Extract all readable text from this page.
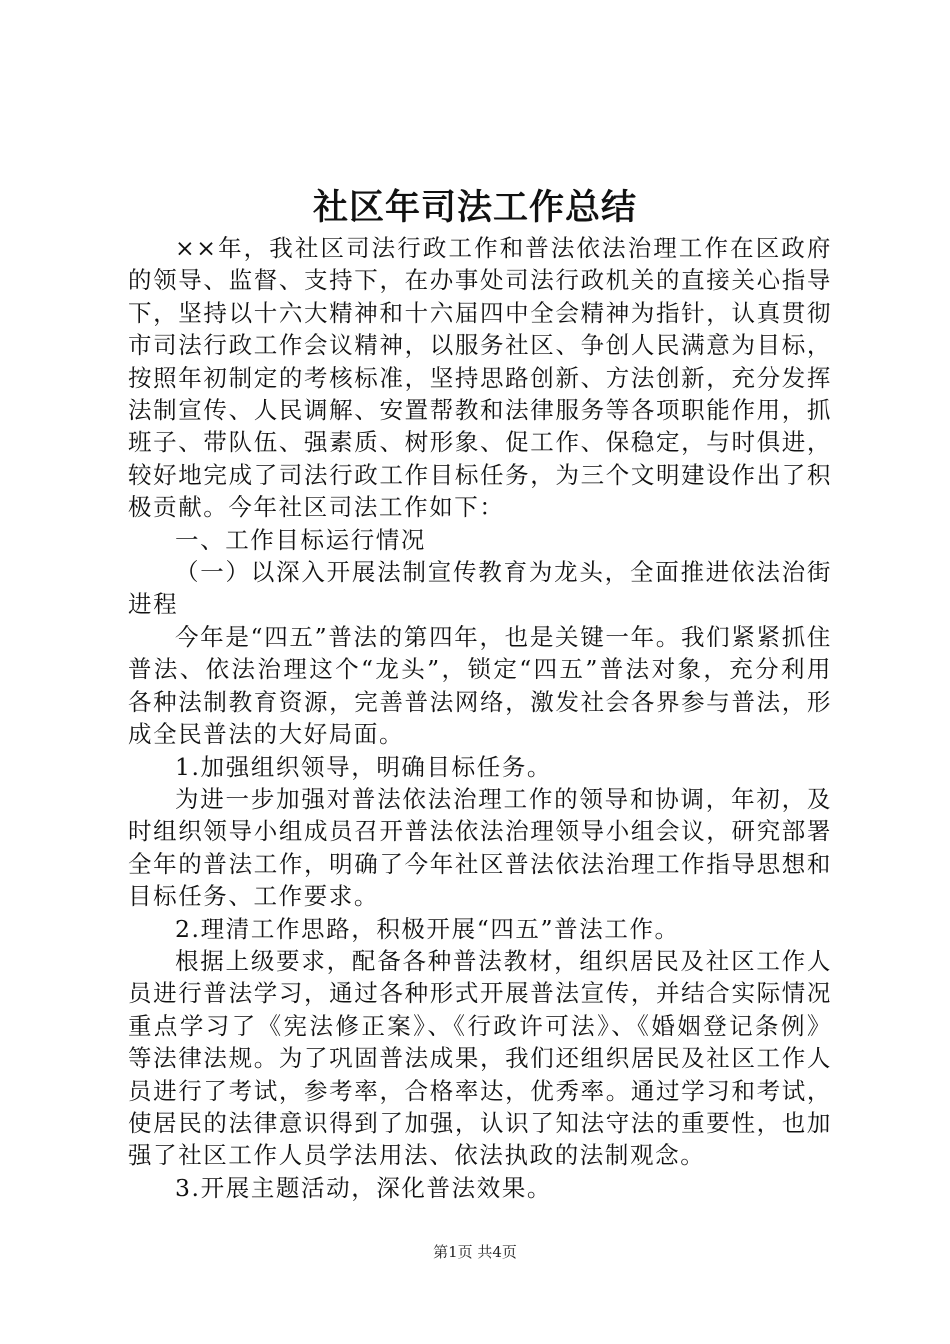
社区年司法工作总结

××年，我社区司法行政工作和普法依法治理工作在区政府的领导、监督、支持下，在办事处司法行政机关的直接关心指导下，坚持以十六大精神和十六届四中全会精神为指针，认真贯彻市司法行政工作会议精神，以服务社区、争创人民满意为目标，按照年初制定的考核标准，坚持思路创新、方法创新，充分发挥法制宣传、人民调解、安置帮教和法律服务等各项职能作用，抓班子、带队伍、强素质、树形象、促工作、保稳定，与时俱进，较好地完成了司法行政工作目标任务，为三个文明建设作出了积极贡献。今年社区司法工作如下：

一、工作目标运行情况

（一）以深入开展法制宣传教育为龙头，全面推进依法治街进程

今年是“四五”普法的第四年，也是关键一年。我们紧紧抓住普法、依法治理这个“龙头”，锁定“四五”普法对象，充分利用各种法制教育资源，完善普法网络，激发社会各界参与普法，形成全民普法的大好局面。

1.加强组织领导，明确目标任务。

为进一步加强对普法依法治理工作的领导和协调，年初，及时组织领导小组成员召开普法依法治理领导小组会议，研究部署全年的普法工作，明确了今年社区普法依法治理工作指导思想和目标任务、工作要求。

2.理清工作思路，积极开展“四五”普法工作。

根据上级要求，配备各种普法教材，组织居民及社区工作人员进行普法学习，通过各种形式开展普法宣传，并结合实际情况重点学习了《宪法修正案》、《行政许可法》、《婚姻登记条例》等法律法规。为了巩固普法成果，我们还组织居民及社区工作人员进行了考试，参考率，合格率达，优秀率。通过学习和考试，使居民的法律意识得到了加强，认识了知法守法的重要性，也加强了社区工作人员学法用法、依法执政的法制观念。

3.开展主题活动，深化普法效果。

第1页 共4页
